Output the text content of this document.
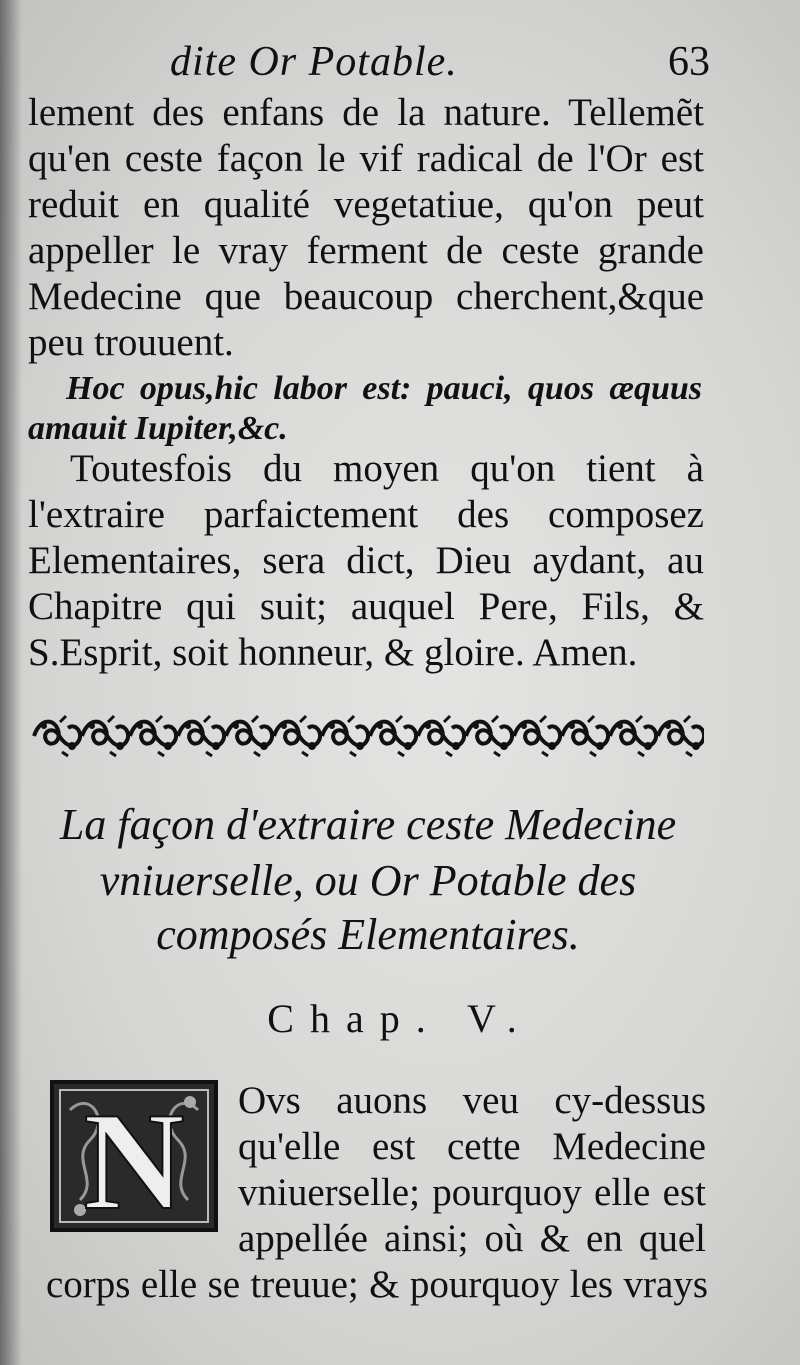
dite Or Potable.	63
lement des enfans de la nature. Tellemẽt
qu'en ceste façon le vif radical de l'Or est
reduit en qualité vegetatiue, qu'on peut
appeller le vray ferment de ceste grande
Medecine que beaucoup cherchent,&que
peu trouuent.
Hoc opus,hic labor est: pauci, quos æquus
amauit Iupiter,&c.
Toutesfois du moyen qu'on tient à
l'extraire parfaictement des composez
Elementaires, sera dict, Dieu aydant, au
Chapitre qui suit; auquel Pere, Fils, &
S.Esprit, soit honneur, & gloire. Amen.
La façon d'extraire ceste Medecine
vniuerselle, ou Or Potable des
composés Elementaires.
Chap. V.
N Ovs auons veu cy-dessus
qu'elle est cette Medecine
vniuerselle; pourquoy elle est
appellée ainsi; où & en quel
corps elle se treuue; & pourquoy les vrays
